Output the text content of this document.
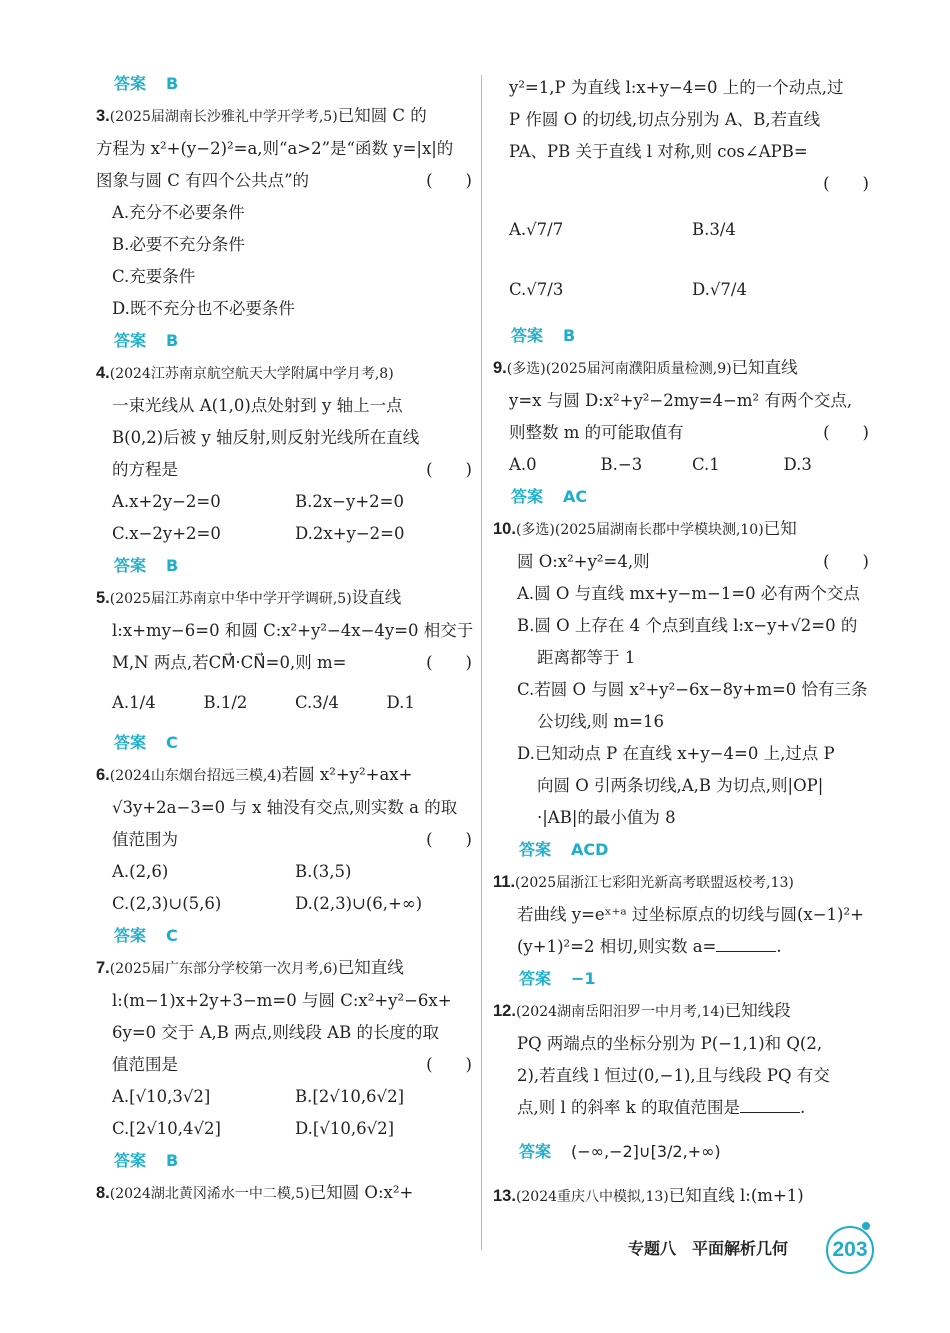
答案 B
3.(2025届湖南长沙雅礼中学开学考,5)已知圆 C 的
方程为 x²+(y−2)²=a,则“a>2”是“函数 y=|x|的
图象与圆 C 有四个公共点”的	(　　)
A.充分不必要条件
B.必要不充分条件
C.充要条件
D.既不充分也不必要条件
答案 B
4.(2024江苏南京航空航天大学附属中学月考,8)
一束光线从 A(1,0)点处射到 y 轴上一点
B(0,2)后被 y 轴反射,则反射光线所在直线
的方程是	(　　)
A.x+2y−2=0	B.2x−y+2=0
C.x−2y+2=0	D.2x+y−2=0
答案 B
5.(2025届江苏南京中华中学开学调研,5)设直线
l:x+my−6=0 和圆 C:x²+y²−4x−4y=0 相交于
M,N 两点,若CM⃗·CN⃗=0,则 m=	(　　)
A.1/4	B.1/2	C.3/4	D.1
答案 C
6.(2024山东烟台招远三模,4)若圆 x²+y²+ax+
√3y+2a−3=0 与 x 轴没有交点,则实数 a 的取
值范围为	(　　)
A.(2,6)	B.(3,5)
C.(2,3)∪(5,6)	D.(2,3)∪(6,+∞)
答案 C
7.(2025届广东部分学校第一次月考,6)已知直线
l:(m−1)x+2y+3−m=0 与圆 C:x²+y²−6x+
6y=0 交于 A,B 两点,则线段 AB 的长度的取
值范围是	(　　)
A.[√10,3√2]	B.[2√10,6√2]
C.[2√10,4√2]	D.[√10,6√2]
答案 B
8.(2024湖北黄冈浠水一中二模,5)已知圆 O:x²+
y²=1,P 为直线 l:x+y−4=0 上的一个动点,过
P 作圆 O 的切线,切点分别为 A、B,若直线
PA、PB 关于直线 l 对称,则 cos∠APB=
(　　)

A.√7/7	B.3/4
C.√7/3	D.√7/4
答案 B
9.(多选)(2025届河南濮阳质量检测,9)已知直线
y=x 与圆 D:x²+y²−2my=4−m² 有两个交点,
则整数 m 的可能取值有	(　　)
A.0	B.−3	C.1	D.3
答案 AC
10.(多选)(2025届湖南长郡中学模块测,10)已知
圆 O:x²+y²=4,则	(　　)
A.圆 O 与直线 mx+y−m−1=0 必有两个交点
B.圆 O 上存在 4 个点到直线 l:x−y+√2=0 的
距离都等于 1
C.若圆 O 与圆 x²+y²−6x−8y+m=0 恰有三条
公切线,则 m=16
D.已知动点 P 在直线 x+y−4=0 上,过点 P
向圆 O 引两条切线,A,B 为切点,则|OP|
·|AB|的最小值为 8
答案 ACD
11.(2025届浙江七彩阳光新高考联盟返校考,13)
若曲线 y=eˣ⁺ᵃ 过坐标原点的切线与圆(x−1)²+
(y+1)²=2 相切,则实数 a=	.
答案 −1
12.(2024湖南岳阳汨罗一中月考,14)已知线段
PQ 两端点的坐标分别为 P(−1,1)和 Q(2,
2),若直线 l 恒过(0,−1),且与线段 PQ 有交
点,则 l 的斜率 k 的取值范围是	.
答案 (−∞,−2]∪[3/2,+∞)
13.(2024重庆八中模拟,13)已知直线 l:(m+1)
专题八　平面解析几何	203
